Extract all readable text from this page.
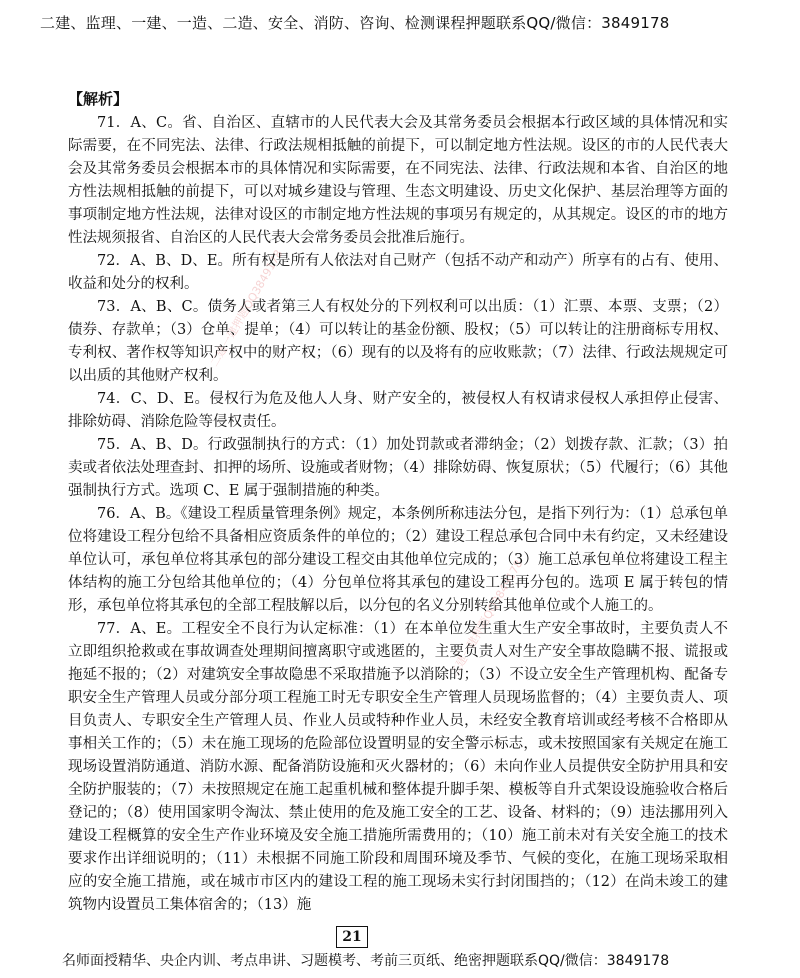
二建、监理、一建、一造、二造、安全、消防、咨询、检测课程押题联系QQ/微信：3849178
二建一建押题QQ3849178
二建一建押题QQ3849178
【解析】

71．A、C。省、自治区、直辖市的人民代表大会及其常务委员会根据本行政区域的具体情况和实际需要，在不同宪法、法律、行政法规相抵触的前提下，可以制定地方性法规。设区的市的人民代表大会及其常务委员会根据本市的具体情况和实际需要，在不同宪法、法律、行政法规和本省、自治区的地方性法规相抵触的前提下，可以对城乡建设与管理、生态文明建设、历史文化保护、基层治理等方面的事项制定地方性法规，法律对设区的市制定地方性法规的事项另有规定的，从其规定。设区的市的地方性法规须报省、自治区的人民代表大会常务委员会批准后施行。

72．A、B、D、E。所有权是所有人依法对自己财产（包括不动产和动产）所享有的占有、使用、收益和处分的权利。

73．A、B、C。债务人或者第三人有权处分的下列权利可以出质：（1）汇票、本票、支票；（2）债券、存款单；（3）仓单、提单；（4）可以转让的基金份额、股权；（5）可以转让的注册商标专用权、专利权、著作权等知识产权中的财产权；（6）现有的以及将有的应收账款；（7）法律、行政法规规定可以出质的其他财产权利。

74．C、D、E。侵权行为危及他人人身、财产安全的，被侵权人有权请求侵权人承担停止侵害、排除妨碍、消除危险等侵权责任。

75．A、B、D。行政强制执行的方式：（1）加处罚款或者滞纳金；（2）划拨存款、汇款；（3）拍卖或者依法处理查封、扣押的场所、设施或者财物；（4）排除妨碍、恢复原状；（5）代履行；（6）其他强制执行方式。选项 C、E 属于强制措施的种类。

76．A、B。《建设工程质量管理条例》规定，本条例所称违法分包，是指下列行为：（1）总承包单位将建设工程分包给不具备相应资质条件的单位的；（2）建设工程总承包合同中未有约定，又未经建设单位认可，承包单位将其承包的部分建设工程交由其他单位完成的；（3）施工总承包单位将建设工程主体结构的施工分包给其他单位的；（4）分包单位将其承包的建设工程再分包的。选项 E 属于转包的情形，承包单位将其承包的全部工程肢解以后，以分包的名义分别转给其他单位或个人施工的。

77．A、E。工程安全不良行为认定标准：（1）在本单位发生重大生产安全事故时，主要负责人不立即组织抢救或在事故调查处理期间擅离职守或逃匿的，主要负责人对生产安全事故隐瞒不报、谎报或拖延不报的；（2）对建筑安全事故隐患不采取措施予以消除的；（3）不设立安全生产管理机构、配备专职安全生产管理人员或分部分项工程施工时无专职安全生产管理人员现场监督的；（4）主要负责人、项目负责人、专职安全生产管理人员、作业人员或特种作业人员，未经安全教育培训或经考核不合格即从事相关工作的；（5）未在施工现场的危险部位设置明显的安全警示标志，或未按照国家有关规定在施工现场设置消防通道、消防水源、配备消防设施和灭火器材的；（6）未向作业人员提供安全防护用具和安全防护服装的；（7）未按照规定在施工起重机械和整体提升脚手架、模板等自升式架设设施验收合格后登记的；（8）使用国家明令淘汰、禁止使用的危及施工安全的工艺、设备、材料的；（9）违法挪用列入建设工程概算的安全生产作业环境及安全施工措施所需费用的；（10）施工前未对有关安全施工的技术要求作出详细说明的；（11）未根据不同施工阶段和周围环境及季节、气候的变化，在施工现场采取相应的安全施工措施，或在城市市区内的建设工程的施工现场未实行封闭围挡的；（12）在尚未竣工的建筑物内设置员工集体宿舍的；（13）施

21
名师面授精华、央企内训、考点串讲、习题模考、考前三页纸、绝密押题联系QQ/微信：3849178
